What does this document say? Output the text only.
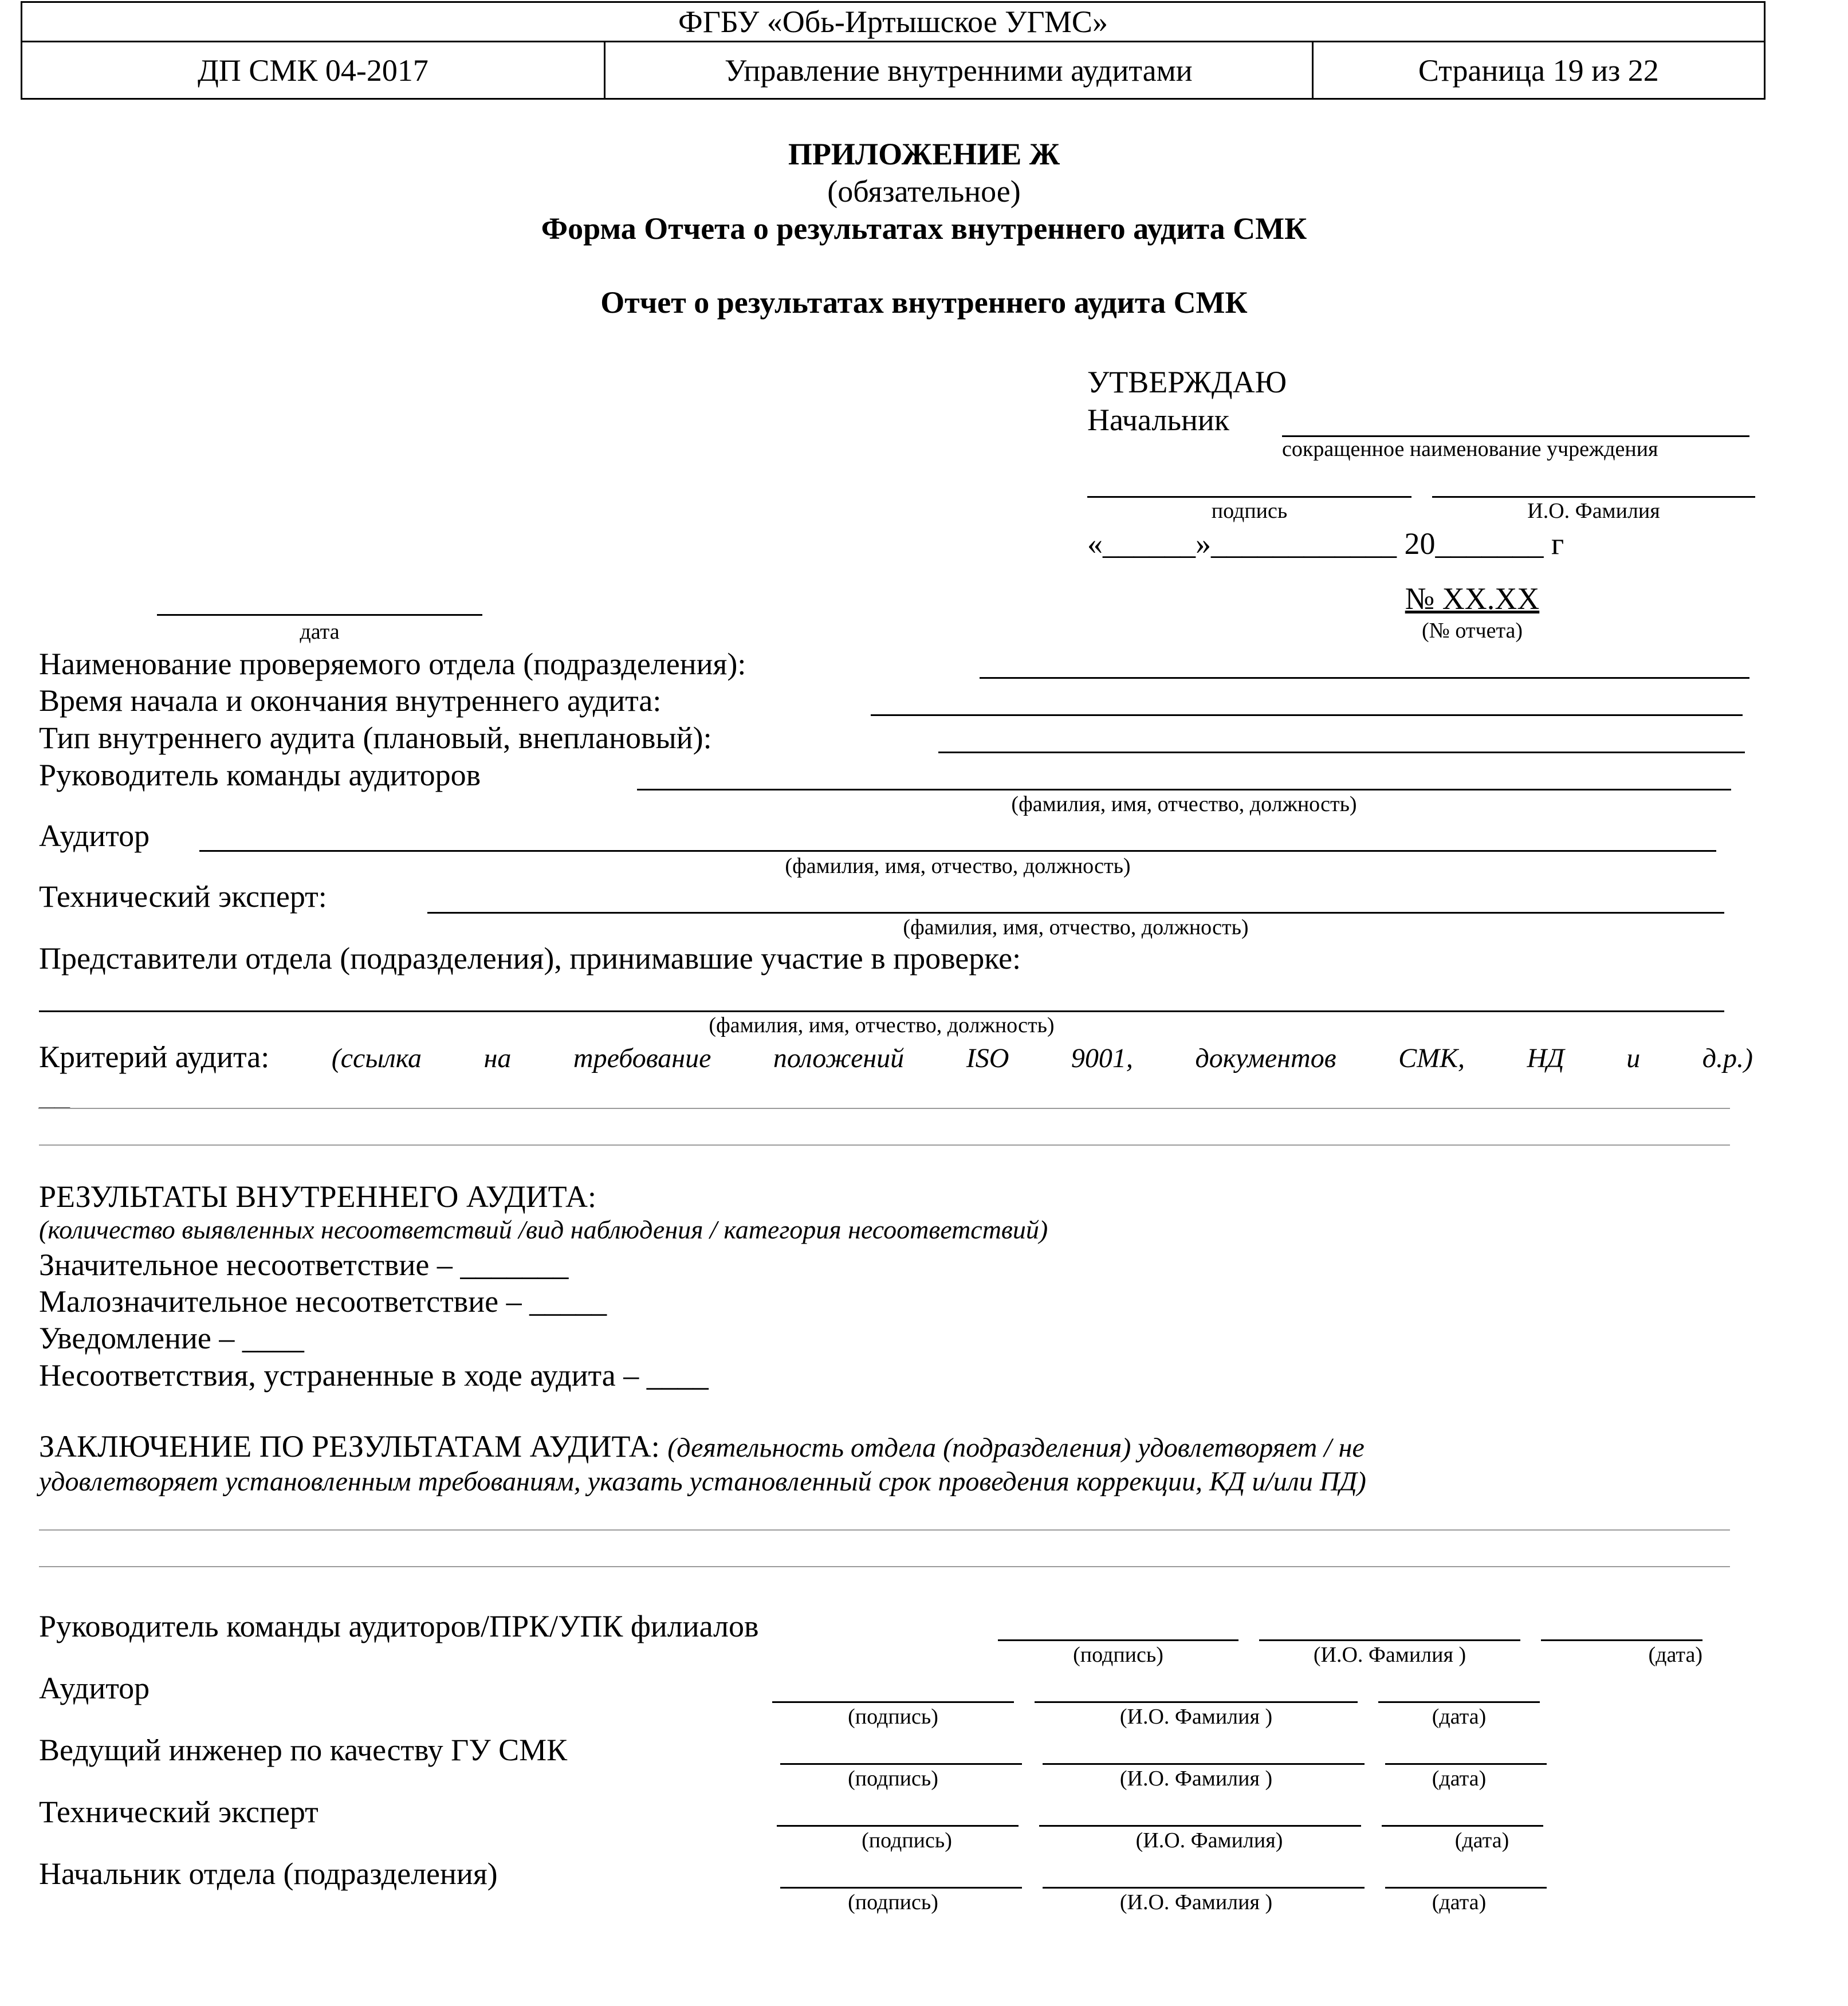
ФГБУ «Обь-Иртышское УГМС»
ДП СМК 04-2017	Управление внутренними аудитами	Страница 19 из 22
ПРИЛОЖЕНИЕ Ж
(обязательное)
Форма Отчета о результатах внутреннего аудита СМК
Отчет о результатах внутреннего аудита СМК
УТВЕРЖДАЮ
Начальник
сокращенное наименование учреждения
подпись	И.О. Фамилия
«______»____________ 20_______ г
дата
№ XX.XX
(№ отчета)
Наименование проверяемого отдела (подразделения):
Время начала и окончания внутреннего аудита:
Тип внутреннего аудита (плановый, внеплановый):
Руководитель команды аудиторов
(фамилия, имя, отчество, должность)
Аудитор
(фамилия, имя, отчество, должность)
Технический эксперт:
(фамилия, имя, отчество, должность)
Представители отдела (подразделения), принимавшие участие в проверке:
(фамилия, имя, отчество, должность)
Критерий аудита: (ссылка на требование положений ISO 9001, документов СМК, НД и д.р.)
__
РЕЗУЛЬТАТЫ ВНУТРЕННЕГО АУДИТА:
(количество выявленных несоответствий /вид наблюдения / категория несоответствий)
Значительное несоответствие – _______
Малозначительное несоответствие – _____
Уведомление – ____
Несоответствия, устраненные в ходе аудита – ____
ЗАКЛЮЧЕНИЕ ПО РЕЗУЛЬТАТАМ АУДИТА: (деятельность отдела (подразделения) удовлетворяет / не
удовлетворяет установленным требованиям, указать установленный срок проведения коррекции, КД и/или ПД)
Руководитель команды аудиторов/ПРК/УПК филиалов
(подпись)	(И.О. Фамилия )	(дата)
Аудитор
(подпись)	(И.О. Фамилия )	(дата)
Ведущий инженер по качеству ГУ СМК
(подпись)	(И.О. Фамилия )	(дата)
Технический эксперт
(подпись)	(И.О. Фамилия)	(дата)
Начальник отдела (подразделения)
(подпись)	(И.О. Фамилия )	(дата)
